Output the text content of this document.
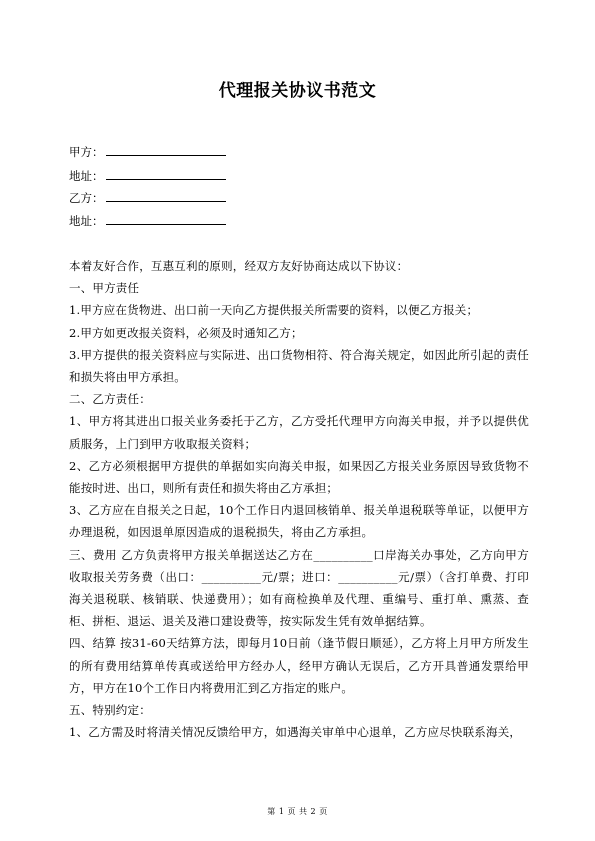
代理报关协议书范文
甲方：
地址：
乙方：
地址：

本着友好合作，互惠互利的原则，经双方友好协商达成以下协议：

一、甲方责任

1.甲方应在货物进、出口前一天向乙方提供报关所需要的资料，以便乙方报关；

2.甲方如更改报关资料，必须及时通知乙方；

3.甲方提供的报关资料应与实际进、出口货物相符、符合海关规定，如因此所引起的责任和损失将由甲方承担。

二、乙方责任：

1、甲方将其进出口报关业务委托于乙方，乙方受托代理甲方向海关申报，并予以提供优质服务，上门到甲方收取报关资料；

2、乙方必须根据甲方提供的单据如实向海关申报，如果因乙方报关业务原因导致货物不能按时进、出口，则所有责任和损失将由乙方承担；

3、乙方应在自报关之日起，10个工作日内退回核销单、报关单退税联等单证，以便甲方办理退税，如因退单原因造成的退税损失，将由乙方承担。

三、费用 乙方负责将甲方报关单据送达乙方在__________口岸海关办事处，乙方向甲方收取报关劳务费（出口：__________元/票；进口：__________元/票）（含打单费、打印海关退税联、核销联、快递费用）；如有商检换单及代理、重编号、重打单、熏蒸、查柜、拼柜、退运、退关及港口建设费等，按实际发生凭有效单据结算。

四、结算 按31-60天结算方法，即每月10日前（逢节假日顺延），乙方将上月甲方所发生的所有费用结算单传真或送给甲方经办人，经甲方确认无误后，乙方开具普通发票给甲方，甲方在10个工作日内将费用汇到乙方指定的账户。

五、特别约定：

1、乙方需及时将清关情况反馈给甲方，如遇海关审单中心退单，乙方应尽快联系海关，

第 1 页 共 2 页
